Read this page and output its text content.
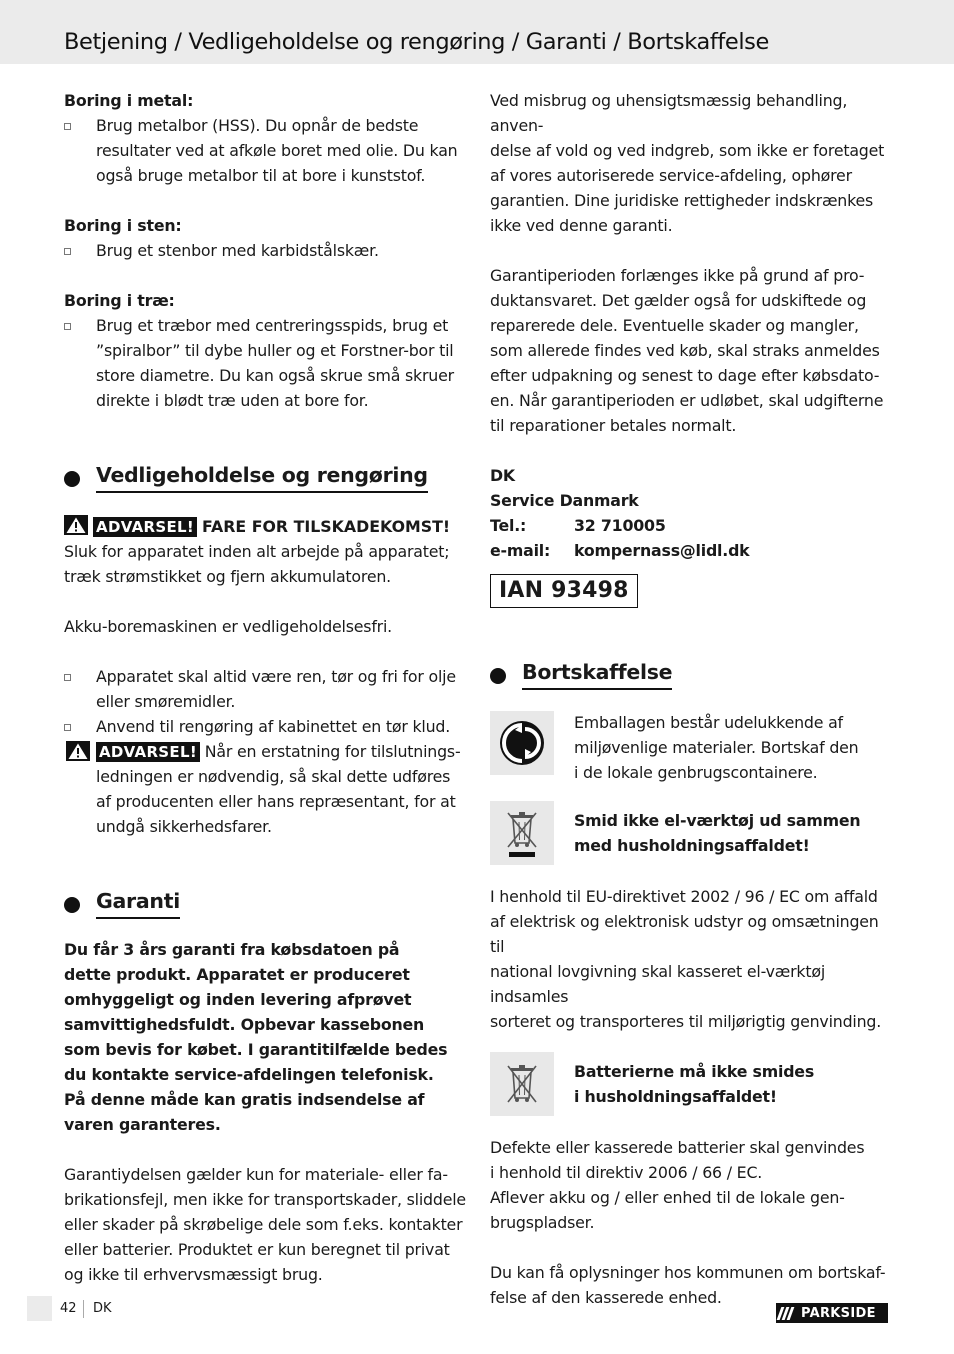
Betjening / Vedligeholdelse og rengøring / Garanti / Bortskaffelse

Boring i metal:

Brug metalbor (HSS). Du opnår de bedste
resultater ved at afkøle boret med olie. Du kan
også bruge metalbor til at bore i kunststof.

Boring i sten:

Brug et stenbor med karbidstålskær.

Boring i træ:

Brug et træbor med centreringsspids, brug et
”spiralbor” til dybe huller og et Forstner-bor til
store diametre. Du kan også skrue små skruer
direkte i blødt træ uden at bore for.
Vedligeholdelse og rengøring
ADVARSEL! FARE FOR TILSKADEKOMST!
Sluk for apparatet inden alt arbejde på apparatet;
træk strømstikket og fjern akkumulatoren.

Akku-boremaskinen er vedligeholdelsesfri.

Apparatet skal altid være ren, tør og fri for olje
eller smøremidler.
Anvend til rengøring af kabinettet en tør klud.
ADVARSEL! Når en erstatning for tilslutnings-
ledningen er nødvendig, så skal dette udføres
af producenten eller hans repræsentant, for at
undgå sikkerhedsfarer.
Garanti
Du får 3 års garanti fra købsdatoen på
dette produkt. Apparatet er produceret
omhyggeligt og inden levering afprøvet
samvittighedsfuldt. Opbevar kassebonen
som bevis for købet. I garantitilfælde bedes
du kontakte service-afdelingen telefonisk.
På denne måde kan gratis indsendelse af
varen garanteres.
Garantiydelsen gælder kun for materiale- eller fa-
brikationsfejl, men ikke for transportskader, sliddele
eller skader på skrøbelige dele som f.eks. kontakter
eller batterier. Produktet er kun beregnet til privat
og ikke til erhvervsmæssigt brug.
Ved misbrug og uhensigtsmæssig behandling, anven-
delse af vold og ved indgreb, som ikke er foretaget
af vores autoriserede service-afdeling, ophører
garantien. Dine juridiske rettigheder indskrænkes
ikke ved denne garanti.
Garantiperioden forlænges ikke på grund af pro-
duktansvaret. Det gælder også for udskiftede og
reparerede dele. Eventuelle skader og mangler,
som allerede findes ved køb, skal straks anmeldes
efter udpakning og senest to dage efter købsdato-
en. Når garantiperioden er udløbet, skal udgifterne
til reparationer betales normalt.
DK
Service Danmark
Tel.:	32 710005
e-mail:	kompernass@lidl.dk
IAN 93498
Bortskaffelse
Emballagen består udelukkende af
miljøvenlige materialer. Bortskaf den
i de lokale genbrugscontainere.
Smid ikke el-værktøj ud sammen
med husholdningsaffaldet!
I henhold til EU-direktivet 2002 / 96 / EC om affald
af elektrisk og elektronisk udstyr og omsætningen til
national lovgivning skal kasseret el-værktøj indsamles
sorteret og transporteres til miljørigtig genvinding.
Batterierne må ikke smides
i husholdningsaffaldet!
Defekte eller kasserede batterier skal genvindes
i henhold til direktiv 2006 / 66 / EC.
Aflever akku og / eller enhed til de lokale gen-
brugspladser.
Du kan få oplysninger hos kommunen om bortskaf-
felse af den kasserede enhed.
42 DK	PARKSIDE
